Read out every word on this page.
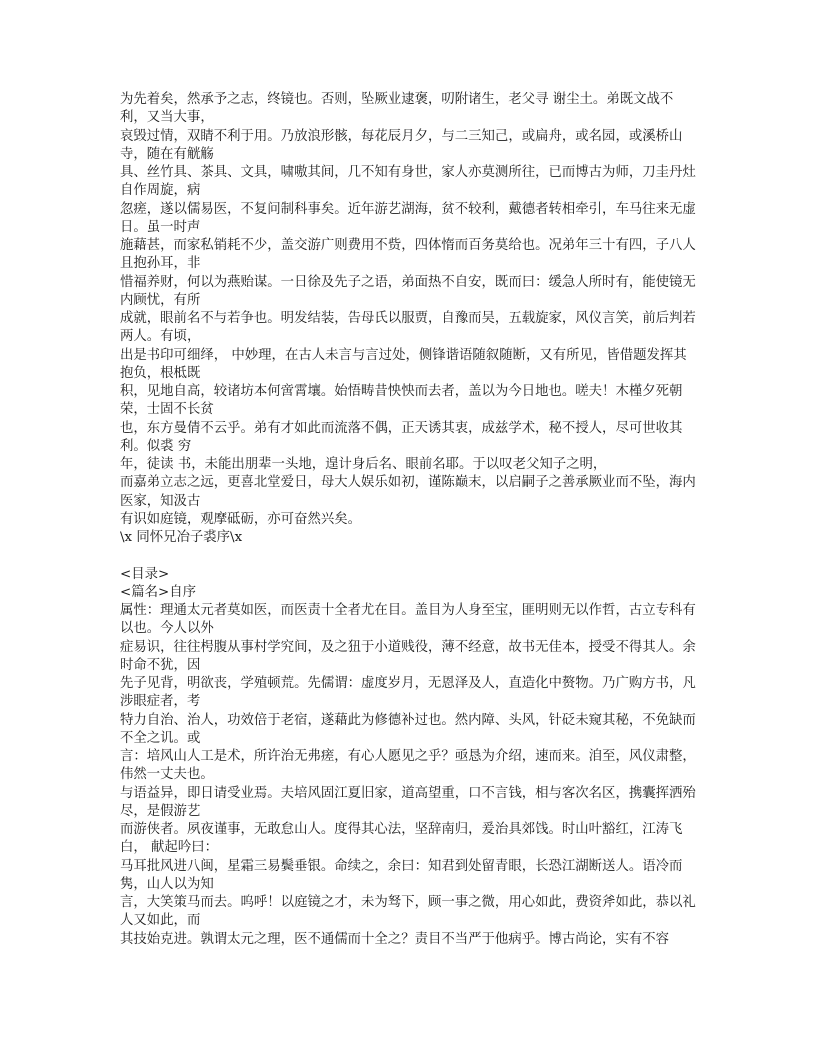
为先着矣，然承予之志，终镜也。否则，坠厥业逮褒，叨附诸生，老父寻 谢尘土。弟既文战不利，又当大事，

哀毁过情，双睛不利于用。乃放浪形骸，每花辰月夕，与二三知己，或扁舟，或名园，或溪桥山寺，随在有觥觞

具、丝竹具、茶具、文具，啸嗷其间，几不知有身世，家人亦莫测所往，已而博古为师，刀圭丹灶自作周旋，病

忽瘥，遂以儒易医，不复问制科事矣。近年游艺湖海，贫不较利，戴德者转相牵引，车马往来无虚日。虽一时声

施藉甚，而家私销耗不少，盖交游广则费用不赀，四体惰而百务莫给也。况弟年三十有四，子八人且抱孙耳，非

惜福养财，何以为燕贻谋。一日徐及先子之语，弟面热不自安，既而曰：缓急人所时有，能使镜无内顾忧，有所

成就，眼前名不与若争也。明发结装，告母氏以服贾，自豫而吴，五载旋家，风仪言笑，前后判若两人。有顷，

出是书印可细绎， 中妙理，在古人未言与言过处，侧锋谐语随叙随断，又有所见，皆借题发挥其抱负，根柢既

积，见地自高，较诸坊本何啻霄壤。始悟畴昔怏怏而去者，盖以为今日地也。嗟夫！木槿夕死朝荣，士固不长贫

也，东方曼倩不云乎。弟有才如此而流落不偶，正天诱其衷，成兹学术，秘不授人，尽可世收其利。似裘 穷

年，徒读 书，未能出朋辈一头地，遑计身后名、眼前名耶。于以叹老父知子之明，

而嘉弟立志之远，更喜北堂爱日，母大人娱乐如初，谨陈巅末，以启嗣子之善承厥业而不坠，海内医家，知汲古

有识如庭镜，观摩砥砺，亦可奋然兴矣。

\x 同怀兄冶子裘序\x

<目录>

<篇名>自序

属性：理通太元者莫如医，而医责十全者尤在目。盖目为人身至宝，匪明则无以作哲，古立专科有以也。今人以外

症易识，往往枵腹从事村学究间，及之狃于小道贱役，薄不经意，故书无佳本，授受不得其人。余时命不犹，因

先子见背，明欲丧，学殖顿荒。先儒谓：虚度岁月，无恩泽及人，直造化中赘物。乃广购方书，凡涉眼症者，考

特力自治、治人，功效倍于老宿，遂藉此为修德补过也。然内障、头风，针砭未窥其秘，不免缺而不全之讥。或

言：培风山人工是术，所许治无弗瘥，有心人愿见之乎？亟恳为介绍，速而来。洎至，风仪肃整，伟然一丈夫也。

与语益异，即日请受业焉。夫培风固江夏旧家，道高望重，口不言钱，相与客次名区，携囊挥洒殆尽，是假游艺

而游侠者。夙夜谨事，无敢怠山人。度得其心法，坚辞南归，爰治具郊饯。时山叶豁红，江涛飞白， 献起吟曰：

马耳批风进八闽，星霜三易鬓垂银。命续之，余曰：知君到处留青眼，长恐江湖断送人。语冷而隽，山人以为知

言，大笑策马而去。呜呼！以庭镜之才，未为驽下，顾一事之微，用心如此，费资斧如此，恭以礼人又如此，而

其技始克进。孰谓太元之理，医不通儒而十全之？责目不当严于他病乎。博古尚论，实有不容
